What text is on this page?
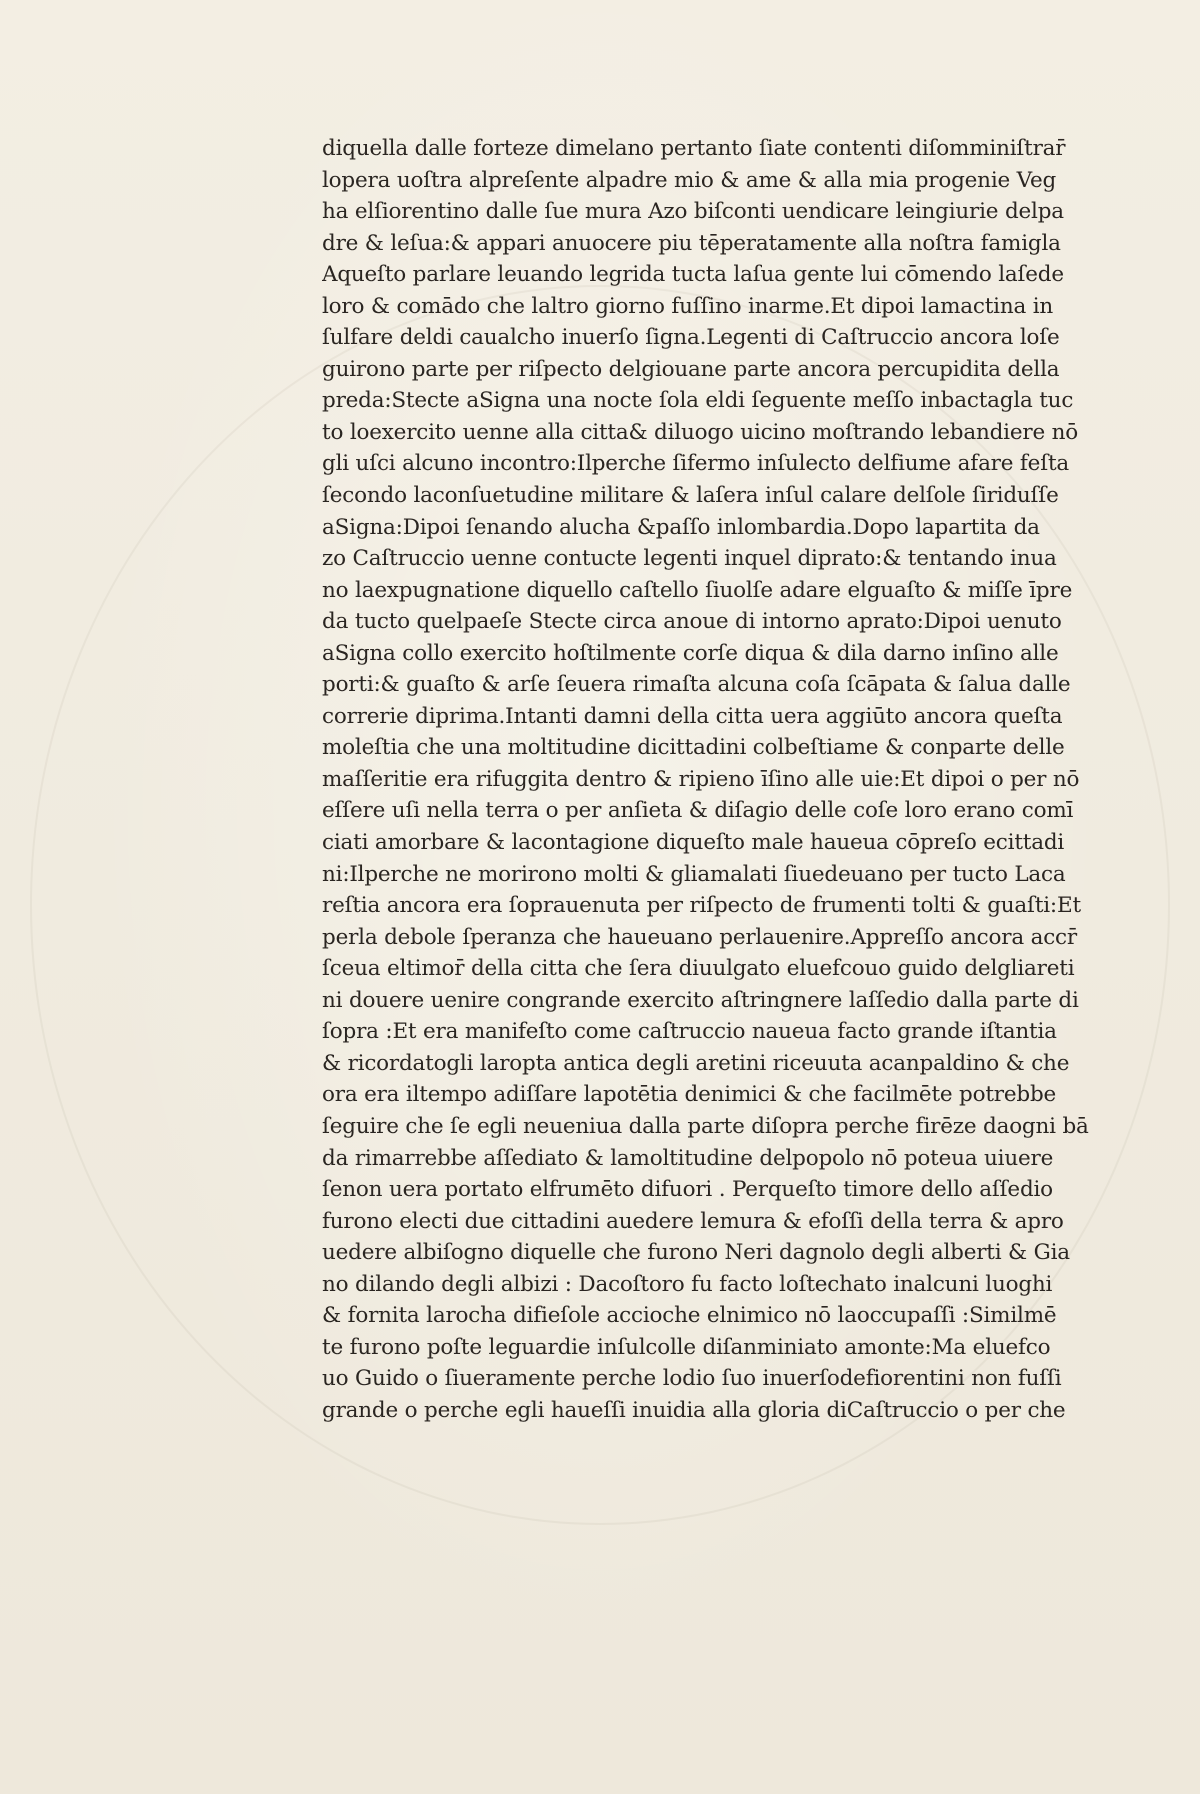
diquella dalle forteze dimelano pertanto ſiate contenti diſomminiſtrar̄
lopera uoſtra alpreſente alpadre mio & ame & alla mia progenie Veg
ha elſiorentino dalle ſue mura Azo biſconti uendicare leingiurie delpa
dre & leſua:& appari anuocere piu tēperatamente alla noſtra famigla
Aqueſto parlare leuando legrida tucta laſua gente lui cōmendo laſede
loro & comādo che laltro giorno fuſſino inarme.Et dipoi lamactina in
ſulfare deldi caualcho inuerſo ſigna.Legenti di Caſtruccio ancora loſe
guirono parte per riſpecto delgiouane parte ancora percupidita della
preda:Stecte aSigna una nocte ſola eldi ſeguente meſſo inbactagla tuc
to loexercito uenne alla citta& diluogo uicino moſtrando lebandiere nō
gli uſci alcuno incontro:Ilperche ſifermo inſulecto delfiume afare feſta
ſecondo laconſuetudine militare & laſera inſul calare delſole ſiriduſſe
aSigna:Dipoi ſenando alucha &paſſo inlombardia.Dopo lapartita da
zo Caſtruccio uenne contucte legenti inquel diprato:& tentando inua
no laexpugnatione diquello caſtello ſiuolſe adare elguaſto & miſſe īpre
da tucto quelpaeſe Stecte circa anoue di intorno aprato:Dipoi uenuto
aSigna collo exercito hoſtilmente corſe diqua & dila darno inſino alle
porti:& guaſto & arſe ſeuera rimaſta alcuna coſa ſcāpata & ſalua dalle
correrie diprima.Intanti damni della citta uera aggiūto ancora queſta
moleſtia che una moltitudine dicittadini colbeſtiame & conparte delle
maſſeritie era rifuggita dentro & ripieno īſino alle uie:Et dipoi o per nō
eſſere uſi nella terra o per anſieta & diſagio delle coſe loro erano comī
ciati amorbare & lacontagione diqueſto male haueua cōpreſo ecittadi
ni:Ilperche ne morirono molti & gliamalati ſiuedeuano per tucto Laca
reſtia ancora era ſoprauenuta per riſpecto de frumenti tolti & guaſti:Et
perla debole ſperanza che haueuano perlauenire.Appreſſo ancora accr̄
ſceua eltimor̄ della citta che ſera diuulgato eluefcouo guido delgliareti
ni douere uenire congrande exercito aſtringnere laſſedio dalla parte di
ſopra :Et era manifeſto come caſtruccio naueua facto grande iſtantia
& ricordatogli laropta antica degli aretini riceuuta acanpaldino & che
ora era iltempo adiſſare lapotētia denimici & che facilmēte potrebbe
ſeguire che ſe egli neueniua dalla parte diſopra perche firēze daogni bā
da rimarrebbe aſſediato & lamoltitudine delpopolo nō poteua uiuere
ſenon uera portato elfrumēto difuori . Perqueſto timore dello aſſedio
furono electi due cittadini auedere lemura & efoſſi della terra & apro
uedere albiſogno diquelle che furono Neri dagnolo degli alberti & Gia
no dilando degli albizi : Dacoſtoro fu facto loſtechato inalcuni luoghi
& fornita larocha difieſole accioche elnimico nō laoccupaſſi :Similmē
te furono poſte leguardie inſulcolle diſanminiato amonte:Ma eluefco
uo Guido o ſiueramente perche lodio ſuo inuerſodefiorentini non fuſſi
grande o perche egli haueſſi inuidia alla gloria diCaſtruccio o per che
